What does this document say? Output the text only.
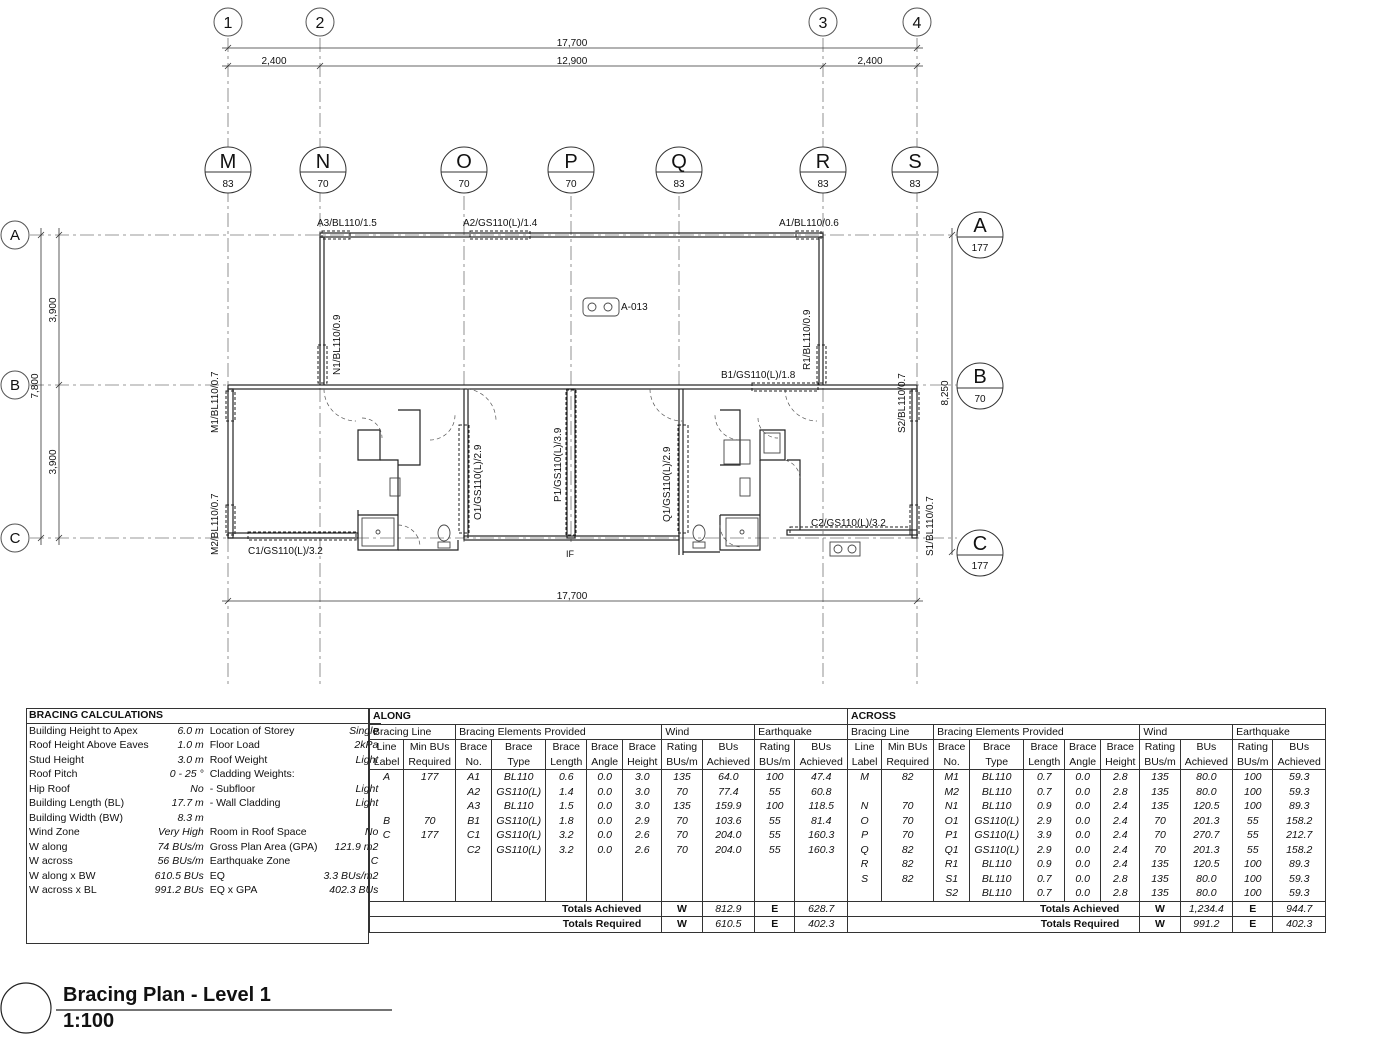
1	2	3	4
17,700
2,400	12,900	2,400
M
83
N
70
O
70
P
70
Q
83
R
83
S
83
A
177
B
70
C
177
A
B
C
3,900
3,900
7,800	8,250
17,700
A3/BL110/1.5	A2/GS110(L)/1.4	A1/BL110/0.6
B1/GS110(L)/1.8
C1/GS110(L)/3.2
C2/GS110(L)/3.2
M1/BL110/0.7
M2/BL110/0.7
N1/BL110/0.9
O1/GS110(L)/2.9	P1/GS110(L)/3.9	Q1/GS110(L)/2.9
R1/BL110/0.9
S2/BL110/0.7
S1/BL110/0.7
A-013
IF
BRACING CALCULATIONS			
Building Height to Apex	6.0 m	Location of Storey	Single
Roof Height Above Eaves	1.0 m	Floor Load	2kPa
Stud Height	3.0 m	Roof Weight	Light
Roof Pitch	0 - 25 °	Cladding Weights:	
Hip Roof	No	- Subfloor	Light
Building Length (BL)	17.7 m	- Wall Cladding	Light
Building Width (BW)	8.3 m		
Wind Zone	Very High	Room in Roof Space	No
W along	74 BUs/m	Gross Plan Area (GPA)	121.9 m2
W across	56 BUs/m	Earthquake Zone	C
W along x BW	610.5 BUs	EQ	3.3 BUs/m2
W across x BL	991.2 BUs	EQ x GPA	402.3 BUs
ALONG										
Bracing Line		Bracing Elements Provided					Wind		Earthquake	
Line	Min BUs	Brace	Brace	Brace	Brace	Brace	Rating	BUs	Rating	BUs
Label	Required	No.	Type	Length	Angle	Height	BUs/m	Achieved	BUs/m	Achieved
A	177	A1	BL110	0.6	0.0	3.0	135	64.0	100	47.4
		A2	GS110(L)	1.4	0.0	3.0	70	77.4	55	60.8
		A3	BL110	1.5	0.0	3.0	135	159.9	100	118.5
B	70	B1	GS110(L)	1.8	0.0	2.9	70	103.6	55	81.4
C	177	C1	GS110(L)	3.2	0.0	2.6	70	204.0	55	160.3
		C2	GS110(L)	3.2	0.0	2.6	70	204.0	55	160.3

Totals Achieved							W	812.9	E	628.7
Totals Required							W	610.5	E	402.3
ACROSS										
Bracing Line		Bracing Elements Provided					Wind		Earthquake	
Line	Min BUs	Brace	Brace	Brace	Brace	Brace	Rating	BUs	Rating	BUs
Label	Required	No.	Type	Length	Angle	Height	BUs/m	Achieved	BUs/m	Achieved
M	82	M1	BL110	0.7	0.0	2.8	135	80.0	100	59.3
		M2	BL110	0.7	0.0	2.8	135	80.0	100	59.3
N	70	N1	BL110	0.9	0.0	2.4	135	120.5	100	89.3
O	70	O1	GS110(L)	2.9	0.0	2.4	70	201.3	55	158.2
P	70	P1	GS110(L)	3.9	0.0	2.4	70	270.7	55	212.7
Q	82	Q1	GS110(L)	2.9	0.0	2.4	70	201.3	55	158.2
R	82	R1	BL110	0.9	0.0	2.4	135	120.5	100	89.3
S	82	S1	BL110	0.7	0.0	2.8	135	80.0	100	59.3
		S2	BL110	0.7	0.0	2.8	135	80.0	100	59.3
Totals Achieved							W	1,234.4	E	944.7
Totals Required							W	991.2	E	402.3
Bracing Plan - Level 1
1:100
